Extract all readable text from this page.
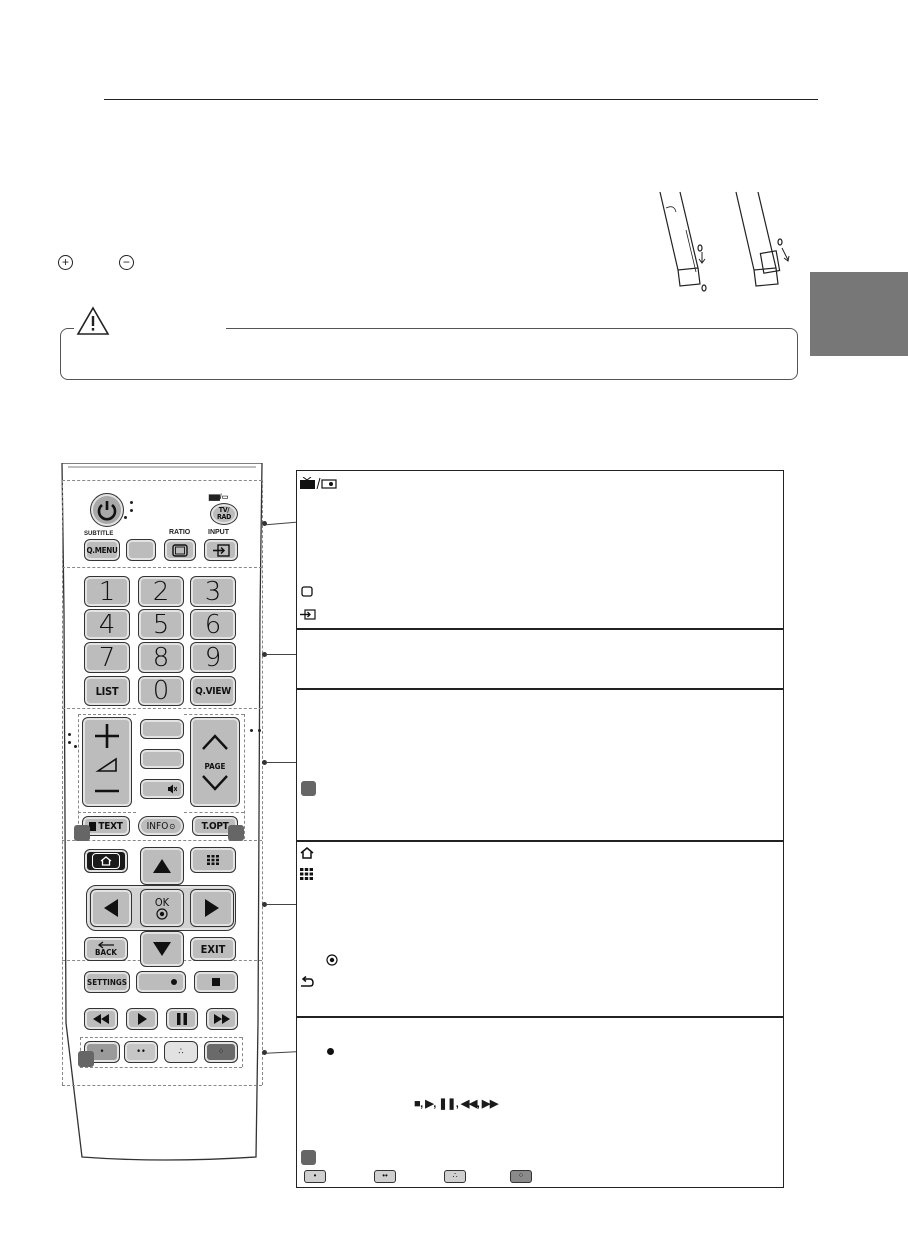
+	−
▆▆/▭
TV/
RAD
SUBTITLE
Q.MENU
RATIO	INPUT
1	2	3
4	5	6
7	8	9
LIST	0	Q.VIEW
PAGE
TEXT INFO ⊙	T.OPT
OK
BACK	EXIT
SETTINGS
•	••	∴	⁘
■, ▶, ❚❚, ◀◀, ▶▶
•	••	∴	⁘
